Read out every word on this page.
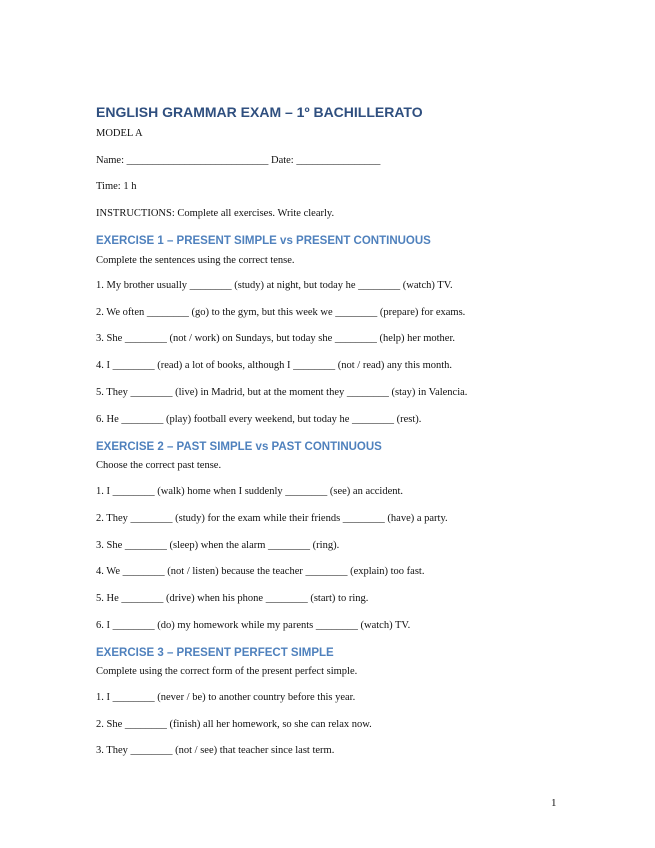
ENGLISH GRAMMAR EXAM – 1º BACHILLERATO
MODEL A
Name: ___________________________ Date: ________________
Time: 1 h
INSTRUCTIONS: Complete all exercises. Write clearly.
EXERCISE 1 – PRESENT SIMPLE vs PRESENT CONTINUOUS
Complete the sentences using the correct tense.
1. My brother usually ________ (study) at night, but today he ________ (watch) TV.
2. We often ________ (go) to the gym, but this week we ________ (prepare) for exams.
3. She ________ (not / work) on Sundays, but today she ________ (help) her mother.
4. I ________ (read) a lot of books, although I ________ (not / read) any this month.
5. They ________ (live) in Madrid, but at the moment they ________ (stay) in Valencia.
6. He ________ (play) football every weekend, but today he ________ (rest).
EXERCISE 2 – PAST SIMPLE vs PAST CONTINUOUS
Choose the correct past tense.
1. I ________ (walk) home when I suddenly ________ (see) an accident.
2. They ________ (study) for the exam while their friends ________ (have) a party.
3. She ________ (sleep) when the alarm ________ (ring).
4. We ________ (not / listen) because the teacher ________ (explain) too fast.
5. He ________ (drive) when his phone ________ (start) to ring.
6. I ________ (do) my homework while my parents ________ (watch) TV.
EXERCISE 3 – PRESENT PERFECT SIMPLE
Complete using the correct form of the present perfect simple.
1. I ________ (never / be) to another country before this year.
2. She ________ (finish) all her homework, so she can relax now.
3. They ________ (not / see) that teacher since last term.
1
